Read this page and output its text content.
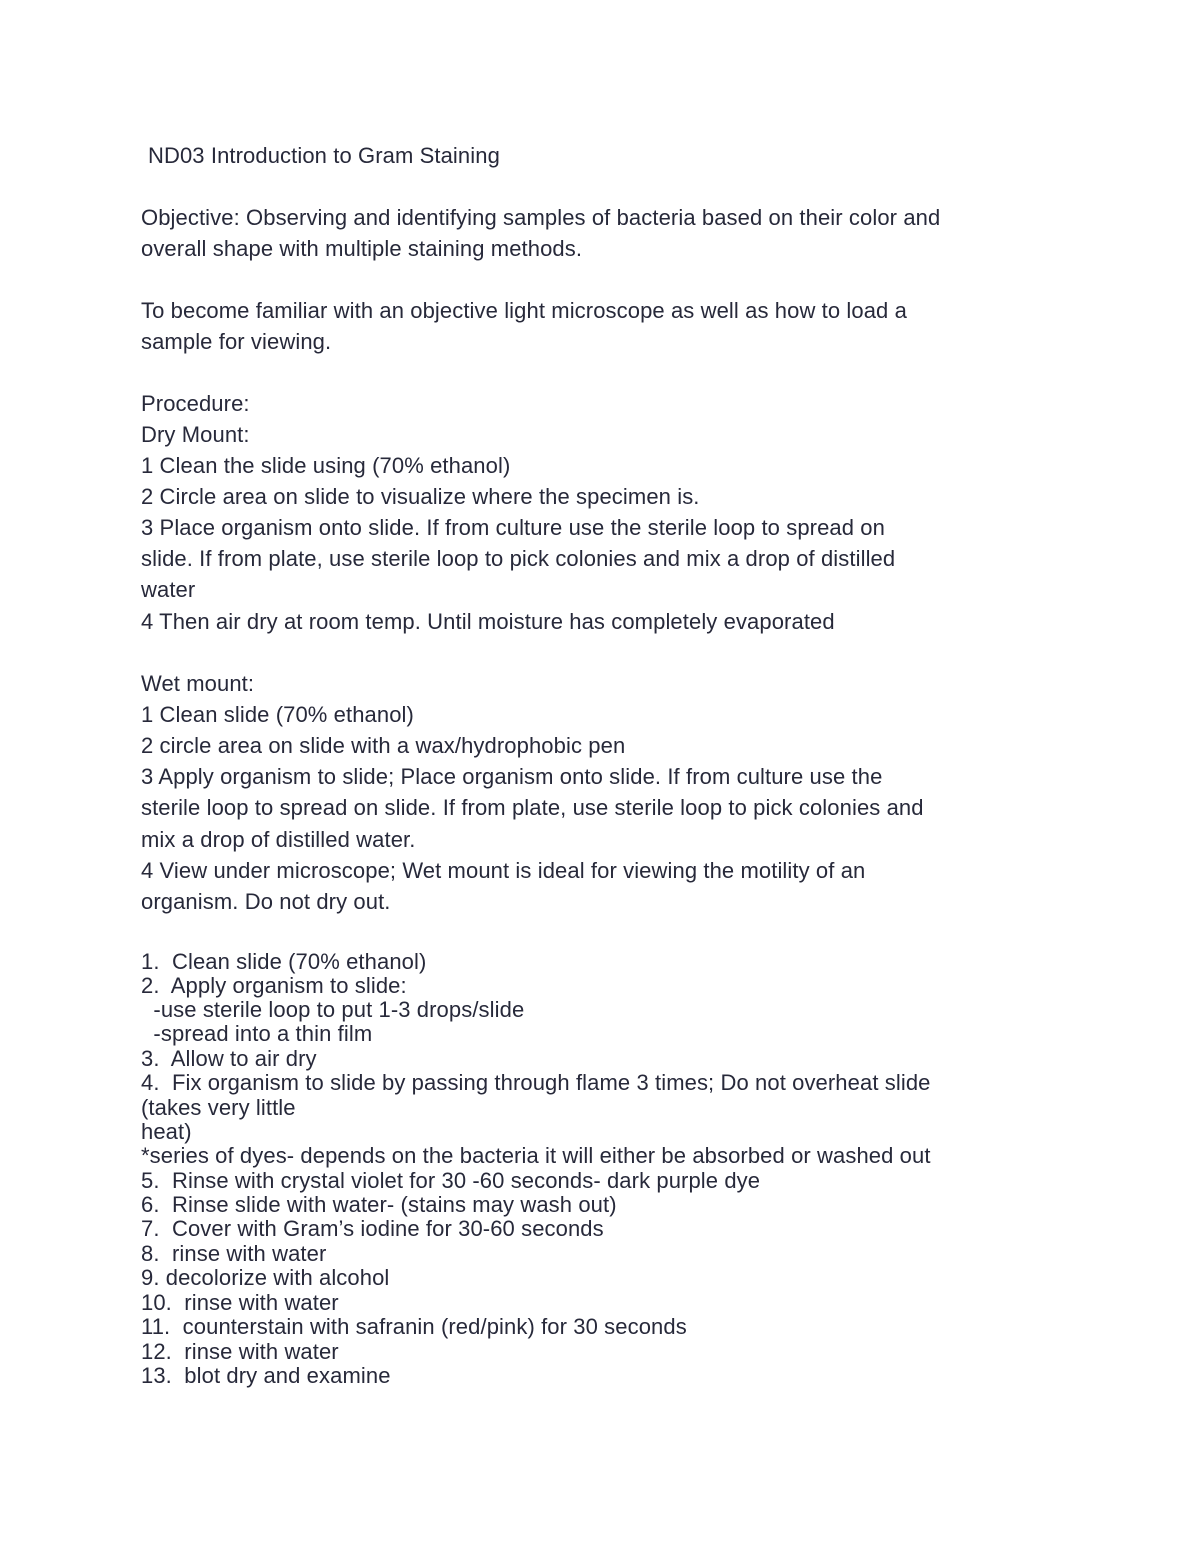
ND03 Introduction to Gram Staining
Objective: Observing and identifying samples of bacteria based on their color and
overall shape with multiple staining methods.
To become familiar with an objective light microscope as well as how to load a
sample for viewing.
Procedure:
Dry Mount:
1 Clean the slide using (70% ethanol)
2 Circle area on slide to visualize where the specimen is.
3 Place organism onto slide. If from culture use the sterile loop to spread on
slide. If from plate, use sterile loop to pick colonies and mix a drop of distilled
water
4 Then air dry at room temp. Until moisture has completely evaporated
Wet mount:
1 Clean slide (70% ethanol)
2 circle area on slide with a wax/hydrophobic pen
3 Apply organism to slide; Place organism onto slide. If from culture use the
sterile loop to spread on slide. If from plate, use sterile loop to pick colonies and
mix a drop of distilled water.
4 View under microscope; Wet mount is ideal for viewing the motility of an
organism. Do not dry out.
1.  Clean slide (70% ethanol)
2.  Apply organism to slide:
-use sterile loop to put 1-3 drops/slide
-spread into a thin film
3.  Allow to air dry
4.  Fix organism to slide by passing through flame 3 times; Do not overheat slide
(takes very little
heat)
*series of dyes- depends on the bacteria it will either be absorbed or washed out
5.  Rinse with crystal violet for 30 -60 seconds- dark purple dye
6.  Rinse slide with water- (stains may wash out)
7.  Cover with Gram’s iodine for 30-60 seconds
8.  rinse with water
9. decolorize with alcohol
10.  rinse with water
11.  counterstain with safranin (red/pink) for 30 seconds
12.  rinse with water
13.  blot dry and examine
